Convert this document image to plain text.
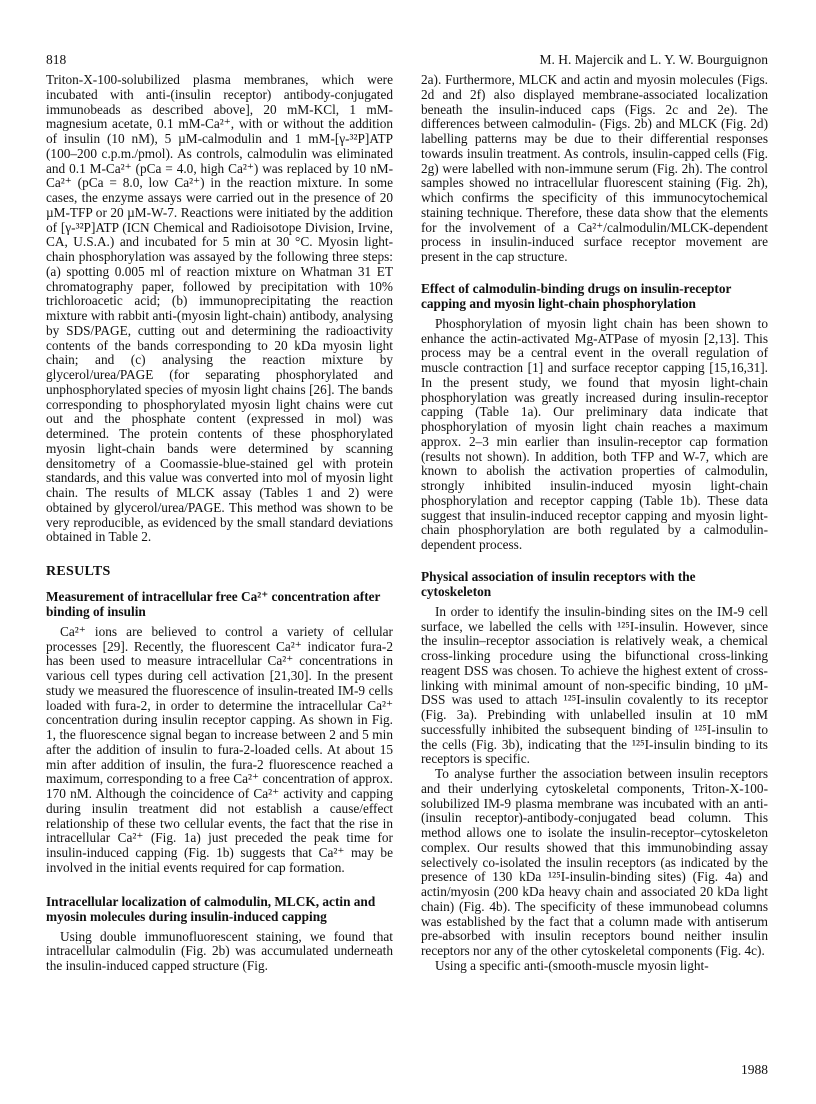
818	M. H. Majercik and L. Y. W. Bourguignon

Triton-X-100-solubilized plasma membranes, which were incubated with anti-(insulin receptor) antibody-conjugated immunobeads as described above], 20 mM-KCl, 1 mM-magnesium acetate, 0.1 mM-Ca²⁺, with or without the addition of insulin (10 nM), 5 µM-calmodulin and 1 mM-[γ-³²P]ATP (100–200 c.p.m./pmol). As controls, calmodulin was eliminated and 0.1 M-Ca²⁺ (pCa = 4.0, high Ca²⁺) was replaced by 10 nM-Ca²⁺ (pCa = 8.0, low Ca²⁺) in the reaction mixture. In some cases, the enzyme assays were carried out in the presence of 20 µM-TFP or 20 µM-W-7. Reactions were initiated by the addition of [γ-³²P]ATP (ICN Chemical and Radioisotope Division, Irvine, CA, U.S.A.) and incubated for 5 min at 30 °C. Myosin light-chain phosphorylation was assayed by the following three steps: (a) spotting 0.005 ml of reaction mixture on Whatman 31 ET chromatography paper, followed by precipitation with 10% trichloroacetic acid; (b) immunoprecipitating the reaction mixture with rabbit anti-(myosin light-chain) antibody, analysing by SDS/PAGE, cutting out and determining the radioactivity contents of the bands corresponding to 20 kDa myosin light chain; and (c) analysing the reaction mixture by glycerol/urea/PAGE (for separating phosphorylated and unphosphorylated species of myosin light chains [26]. The bands corresponding to phosphorylated myosin light chains were cut out and the phosphate content (expressed in mol) was determined. The protein contents of these phosphorylated myosin light-chain bands were determined by scanning densitometry of a Coomassie-blue-stained gel with protein standards, and this value was converted into mol of myosin light chain. The results of MLCK assay (Tables 1 and 2) were obtained by glycerol/urea/PAGE. This method was shown to be very reproducible, as evidenced by the small standard deviations obtained in Table 2.

RESULTS
Measurement of intracellular free Ca²⁺ concentration after binding of insulin

Ca²⁺ ions are believed to control a variety of cellular processes [29]. Recently, the fluorescent Ca²⁺ indicator fura-2 has been used to measure intracellular Ca²⁺ concentrations in various cell types during cell activation [21,30]. In the present study we measured the fluorescence of insulin-treated IM-9 cells loaded with fura-2, in order to determine the intracellular Ca²⁺ concentration during insulin receptor capping. As shown in Fig. 1, the fluorescence signal began to increase between 2 and 5 min after the addition of insulin to fura-2-loaded cells. At about 15 min after addition of insulin, the fura-2 fluorescence reached a maximum, corresponding to a free Ca²⁺ concentration of approx. 170 nM. Although the coincidence of Ca²⁺ activity and capping during insulin treatment did not establish a cause/effect relationship of these two cellular events, the fact that the rise in intracellular Ca²⁺ (Fig. 1a) just preceded the peak time for insulin-induced capping (Fig. 1b) suggests that Ca²⁺ may be involved in the initial events required for cap formation.

Intracellular localization of calmodulin, MLCK, actin and myosin molecules during insulin-induced capping

Using double immunofluorescent staining, we found that intracellular calmodulin (Fig. 2b) was accumulated underneath the insulin-induced capped structure (Fig.

2a). Furthermore, MLCK and actin and myosin molecules (Figs. 2d and 2f) also displayed membrane-associated localization beneath the insulin-induced caps (Figs. 2c and 2e). The differences between calmodulin- (Figs. 2b) and MLCK (Fig. 2d) labelling patterns may be due to their differential responses towards insulin treatment. As controls, insulin-capped cells (Fig. 2g) were labelled with non-immune serum (Fig. 2h). The control samples showed no intracellular fluorescent staining (Fig. 2h), which confirms the specificity of this immunocytochemical staining technique. Therefore, these data show that the elements for the involvement of a Ca²⁺/calmodulin/MLCK-dependent process in insulin-induced surface receptor movement are present in the cap structure.

Effect of calmodulin-binding drugs on insulin-receptor capping and myosin light-chain phosphorylation

Phosphorylation of myosin light chain has been shown to enhance the actin-activated Mg-ATPase of myosin [2,13]. This process may be a central event in the overall regulation of muscle contraction [1] and surface receptor capping [15,16,31]. In the present study, we found that myosin light-chain phosphorylation was greatly increased during insulin-receptor capping (Table 1a). Our preliminary data indicate that phosphorylation of myosin light chain reaches a maximum approx. 2–3 min earlier than insulin-receptor cap formation (results not shown). In addition, both TFP and W-7, which are known to abolish the activation properties of calmodulin, strongly inhibited insulin-induced myosin light-chain phosphorylation and receptor capping (Table 1b). These data suggest that insulin-induced receptor capping and myosin light-chain phosphorylation are both regulated by a calmodulin-dependent process.

Physical association of insulin receptors with the cytoskeleton

In order to identify the insulin-binding sites on the IM-9 cell surface, we labelled the cells with ¹²⁵I-insulin. However, since the insulin–receptor association is relatively weak, a chemical cross-linking procedure using the bifunctional cross-linking reagent DSS was chosen. To achieve the highest extent of cross-linking with minimal amount of non-specific binding, 10 µM-DSS was used to attach ¹²⁵I-insulin covalently to its receptor (Fig. 3a). Prebinding with unlabelled insulin at 10 mM successfully inhibited the subsequent binding of ¹²⁵I-insulin to the cells (Fig. 3b), indicating that the ¹²⁵I-insulin binding to its receptors is specific.

To analyse further the association between insulin receptors and their underlying cytoskeletal components, Triton-X-100-solubilized IM-9 plasma membrane was incubated with an anti-(insulin receptor)-antibody-conjugated bead column. This method allows one to isolate the insulin-receptor–cytoskeleton complex. Our results showed that this immunobinding assay selectively co-isolated the insulin receptors (as indicated by the presence of 130 kDa ¹²⁵I-insulin-binding sites) (Fig. 4a) and actin/myosin (200 kDa heavy chain and associated 20 kDa light chain) (Fig. 4b). The specificity of these immunobead columns was established by the fact that a column made with antiserum pre-absorbed with insulin receptors bound neither insulin receptors nor any of the other cytoskeletal components (Fig. 4c).

Using a specific anti-(smooth-muscle myosin light-

1988
